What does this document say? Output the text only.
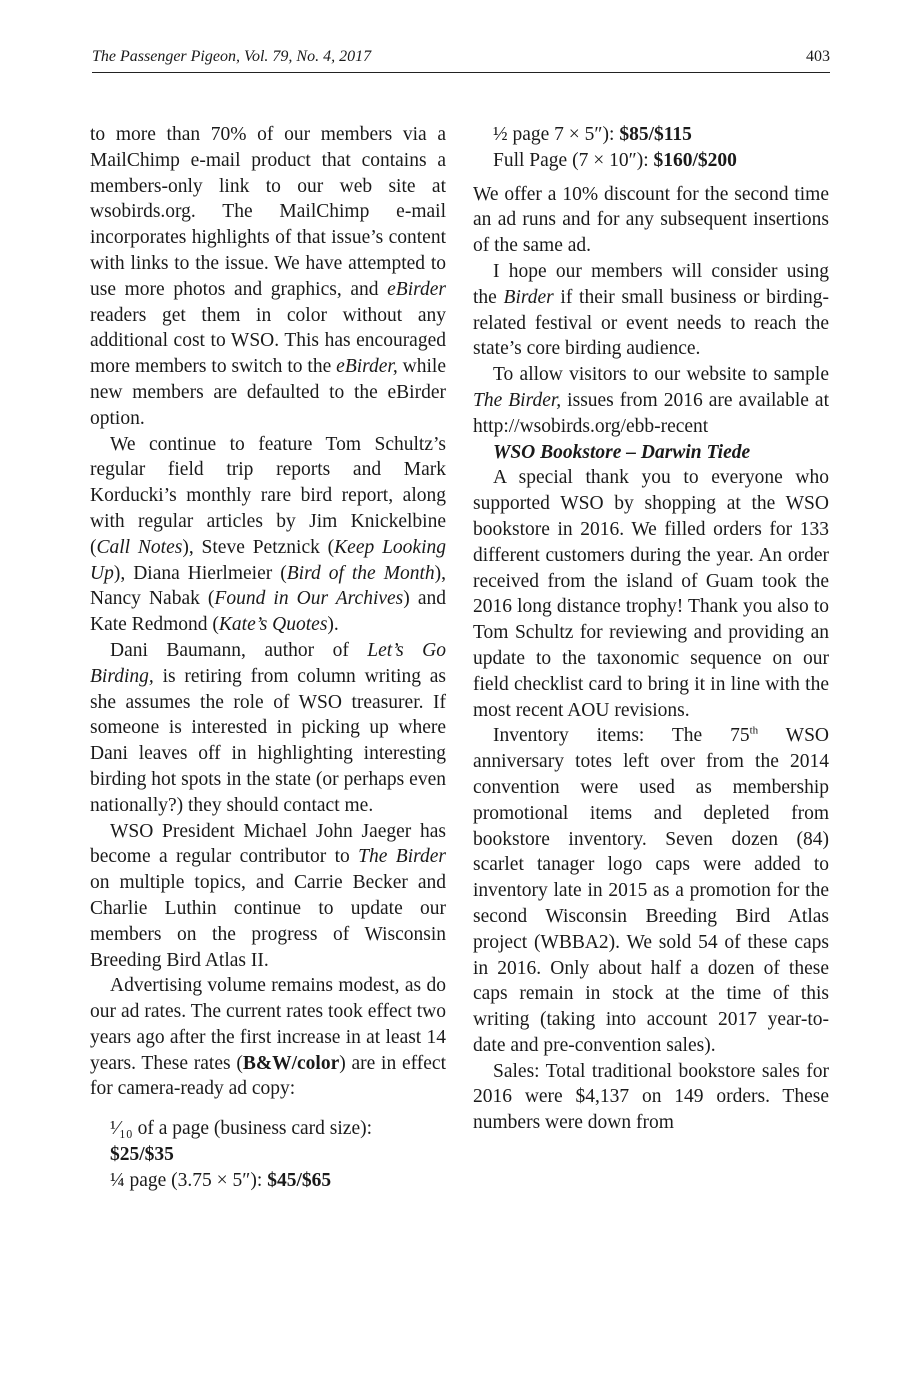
The Passenger Pigeon, Vol. 79, No. 4, 2017	403

to more than 70% of our members via a MailChimp e-mail product that contains a members-only link to our web site at wsobirds.org. The MailChimp e-mail incorporates highlights of that issue’s content with links to the issue. We have attempted to use more photos and graphics, and eBirder readers get them in color without any additional cost to WSO. This has encouraged more members to switch to the eBirder, while new members are defaulted to the eBirder option.

We continue to feature Tom Schultz’s regular field trip reports and Mark Korducki’s monthly rare bird report, along with regular articles by Jim Knickelbine (Call Notes), Steve Petznick (Keep Looking Up), Diana Hierlmeier (Bird of the Month), Nancy Nabak (Found in Our Archives) and Kate Redmond (Kate’s Quotes).

Dani Baumann, author of Let’s Go Birding, is retiring from column writing as she assumes the role of WSO treasurer. If someone is interested in picking up where Dani leaves off in highlighting interesting birding hot spots in the state (or perhaps even nationally?) they should contact me.

WSO President Michael John Jaeger has become a regular contributor to The Birder on multiple topics, and Carrie Becker and Charlie Luthin continue to update our members on the progress of Wisconsin Breeding Bird Atlas II.

Advertising volume remains modest, as do our ad rates. The current rates took effect two years ago after the first increase in at least 14 years. These rates (B&W/color) are in effect for camera-ready ad copy:

¹⁄₁₀ of a page (business card size):
$25/$35
¼ page (3.75 × 5″): $45/$65
½ page 7 × 5″): $85/$115
Full Page (7 × 10″): $160/$200

We offer a 10% discount for the second time an ad runs and for any subsequent insertions of the same ad.

I hope our members will consider using the Birder if their small business or birding-related festival or event needs to reach the state’s core birding audience.

To allow visitors to our website to sample The Birder, issues from 2016 are available at http://wsobirds.org/ebb-recent

WSO Bookstore – Darwin Tiede

A special thank you to everyone who supported WSO by shopping at the WSO bookstore in 2016. We filled orders for 133 different customers during the year. An order received from the island of Guam took the 2016 long distance trophy! Thank you also to Tom Schultz for reviewing and providing an update to the taxonomic sequence on our field checklist card to bring it in line with the most recent AOU revisions.

Inventory items: The 75th WSO anniversary totes left over from the 2014 convention were used as membership promotional items and depleted from bookstore inventory. Seven dozen (84) scarlet tanager logo caps were added to inventory late in 2015 as a promotion for the second Wisconsin Breeding Bird Atlas project (WBBA2). We sold 54 of these caps in 2016. Only about half a dozen of these caps remain in stock at the time of this writing (taking into account 2017 year-to-date and pre-convention sales).

Sales: Total traditional bookstore sales for 2016 were $4,137 on 149 orders. These numbers were down from
